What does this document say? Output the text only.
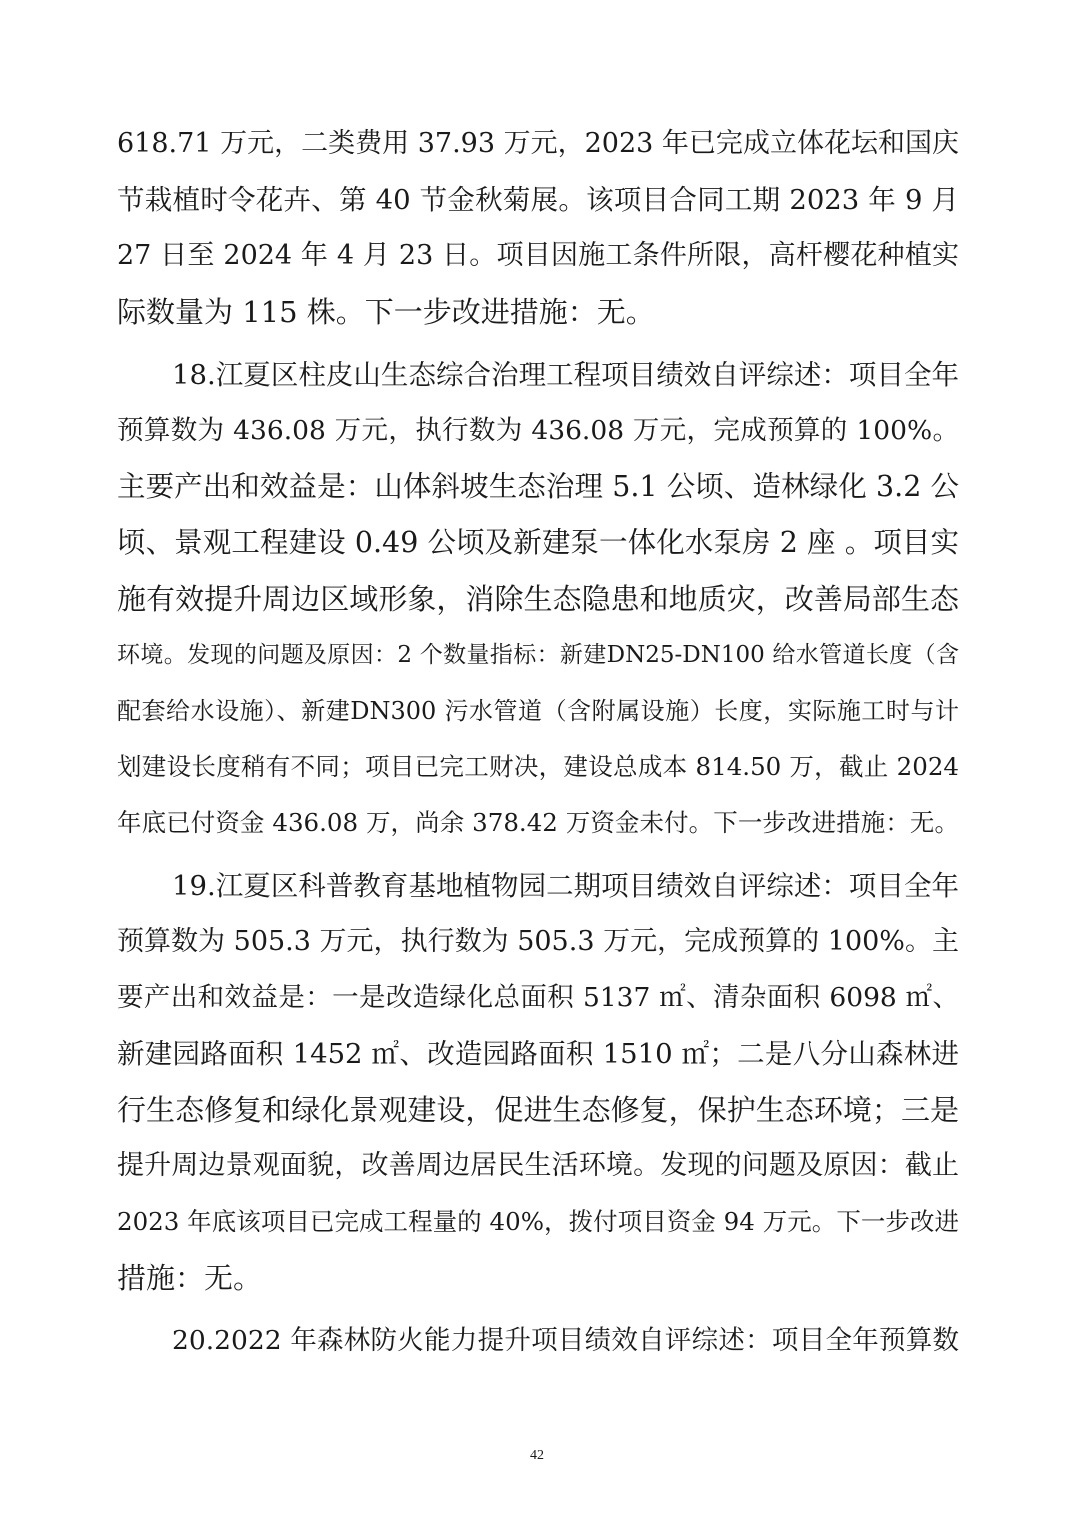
618.71 万元，二类费用 37.93 万元，2023 年已完成立体花坛和国庆
节栽植时令花卉、第 40 节金秋菊展。该项目合同工期 2023 年 9 月
27 日至 2024 年 4 月 23 日。项目因施工条件所限，高杆樱花种植实
际数量为 115 株。下一步改进措施：无。
18.江夏区柱皮山生态综合治理工程项目绩效自评综述：项目全年
预算数为 436.08 万元，执行数为 436.08 万元，完成预算的 100%。
主要产出和效益是：山体斜坡生态治理 5.1 公顷、造林绿化 3.2 公
顷、景观工程建设 0.49 公顷及新建泵一体化水泵房 2 座 。项目实
施有效提升周边区域形象，消除生态隐患和地质灾，改善局部生态
环境。发现的问题及原因：2 个数量指标：新建DN25-DN100 给水管道长度（含
配套给水设施）、新建DN300 污水管道（含附属设施）长度，实际施工时与计
划建设长度稍有不同；项目已完工财决，建设总成本 814.50 万，截止 2024
年底已付资金 436.08 万，尚余 378.42 万资金未付。下一步改进措施：无。
19.江夏区科普教育基地植物园二期项目绩效自评综述：项目全年
预算数为 505.3 万元，执行数为 505.3 万元，完成预算的 100%。主
要产出和效益是：一是改造绿化总面积 5137 ㎡、清杂面积 6098 ㎡、
新建园路面积 1452 ㎡、改造园路面积 1510 ㎡；二是八分山森林进
行生态修复和绿化景观建设，促进生态修复，保护生态环境；三是
提升周边景观面貌，改善周边居民生活环境。发现的问题及原因：截止
2023 年底该项目已完成工程量的 40%，拨付项目资金 94 万元。下一步改进
措施：无。
20.2022 年森林防火能力提升项目绩效自评综述：项目全年预算数
42
